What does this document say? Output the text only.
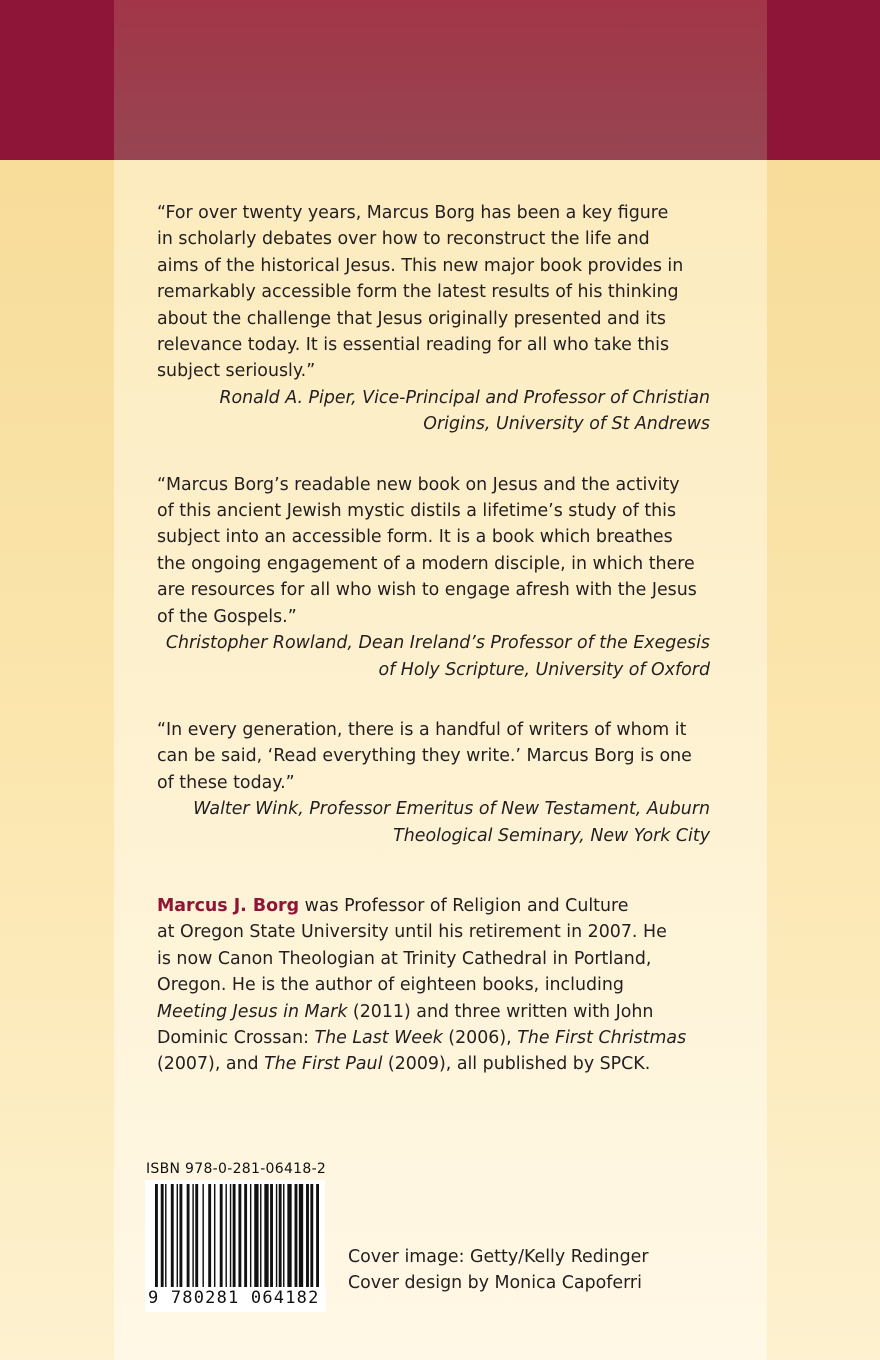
“For over twenty years, Marcus Borg has been a key figure
in scholarly debates over how to reconstruct the life and
aims of the historical Jesus. This new major book provides in
remarkably accessible form the latest results of his thinking
about the challenge that Jesus originally presented and its
relevance today. It is essential reading for all who take this
subject seriously.”

Ronald A. Piper, Vice-Principal and Professor of Christian
Origins, University of St Andrews

“Marcus Borg’s readable new book on Jesus and the activity
of this ancient Jewish mystic distils a lifetime’s study of this
subject into an accessible form. It is a book which breathes
the ongoing engagement of a modern disciple, in which there
are resources for all who wish to engage afresh with the Jesus
of the Gospels.”

Christopher Rowland, Dean Ireland’s Professor of the Exegesis
of Holy Scripture, University of Oxford

“In every generation, there is a handful of writers of whom it
can be said, ‘Read everything they write.’ Marcus Borg is one
of these today.”

Walter Wink, Professor Emeritus of New Testament, Auburn
Theological Seminary, New York City

Marcus J. Borg was Professor of Religion and Culture
at Oregon State University until his retirement in 2007. He
is now Canon Theologian at Trinity Cathedral in Portland,
Oregon. He is the author of eighteen books, including
Meeting Jesus in Mark (2011) and three written with John
Dominic Crossan: The Last Week (2006), The First Christmas
(2007), and The First Paul (2009), all published by SPCK.

ISBN 978-0-281-06418-2
9 780281 064182
Cover image: Getty/Kelly Redinger
Cover design by Monica Capoferri
